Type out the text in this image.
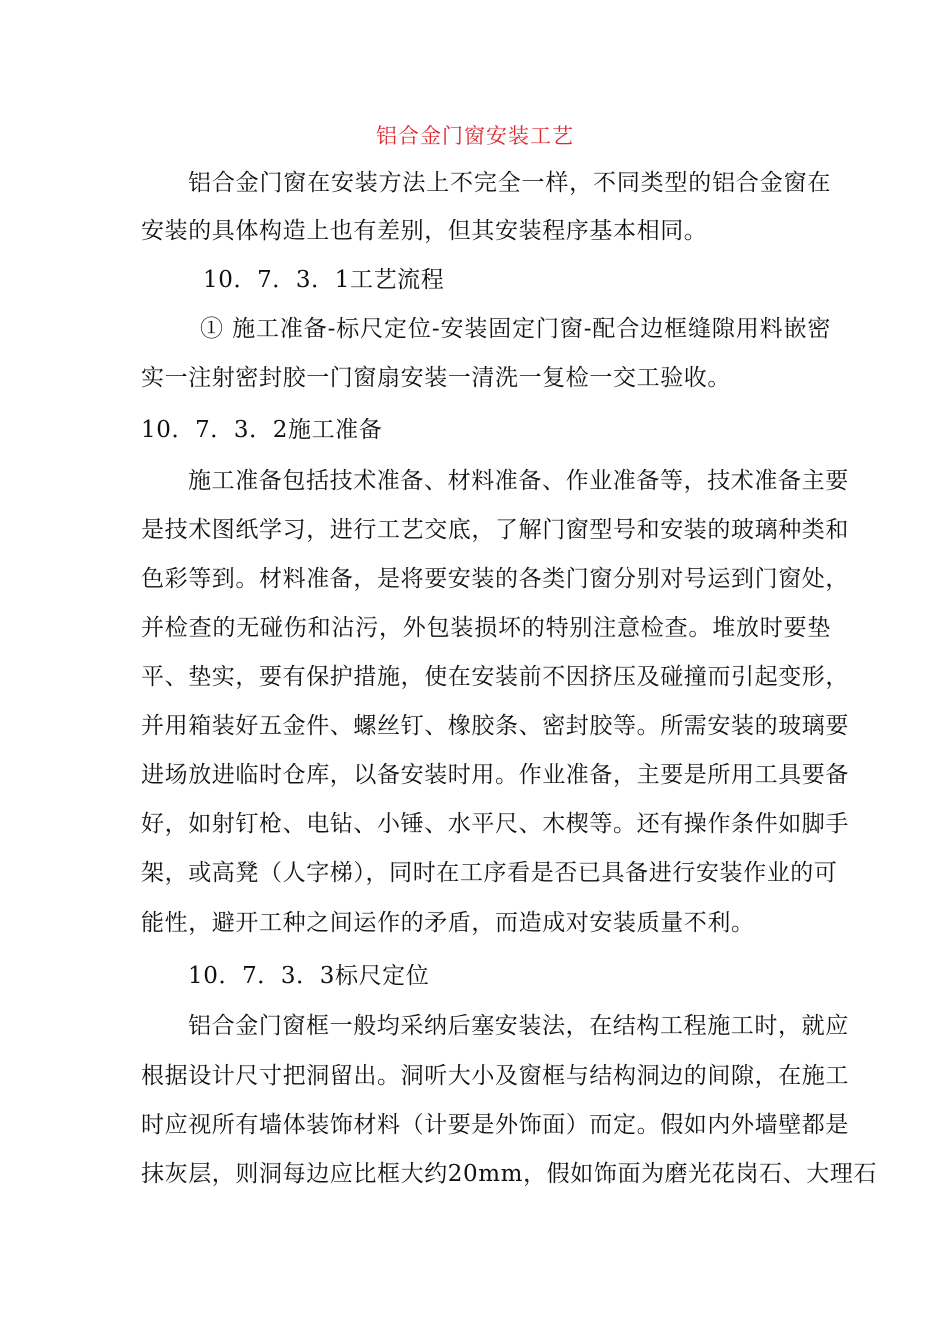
铝合金门窗安装工艺
铝合金门窗在安装方法上不完全一样，不同类型的铝合金窗在
安装的具体构造上也有差别，但其安装程序基本相同。
10．7．3．1工艺流程
① 施工准备-标尺定位-安装固定门窗-配合边框缝隙用料嵌密
实一注射密封胶一门窗扇安装一清洗一复检一交工验收。
10．7．3．2施工准备
施工准备包括技术准备、材料准备、作业准备等，技术准备主要
是技术图纸学习，进行工艺交底，了解门窗型号和安装的玻璃种类和
色彩等到。材料准备，是将要安装的各类门窗分别对号运到门窗处，
并检查的无碰伤和沾污，外包装损坏的特别注意检查。堆放时要垫
平、垫实，要有保护措施，使在安装前不因挤压及碰撞而引起变形，
并用箱装好五金件、螺丝钉、橡胶条、密封胶等。所需安装的玻璃要
进场放进临时仓库，以备安装时用。作业准备，主要是所用工具要备
好，如射钉枪、电钻、小锤、水平尺、木楔等。还有操作条件如脚手
架，或高凳（人字梯），同时在工序看是否已具备进行安装作业的可
能性，避开工种之间运作的矛盾，而造成对安装质量不利。
10．7．3．3标尺定位
铝合金门窗框一般均采纳后塞安装法，在结构工程施工时，就应
根据设计尺寸把洞留出。洞听大小及窗框与结构洞边的间隙，在施工
时应视所有墙体装饰材料（计要是外饰面）而定。假如内外墙壁都是
抹灰层，则洞每边应比框大约20mm，假如饰面为磨光花岗石、大理石
